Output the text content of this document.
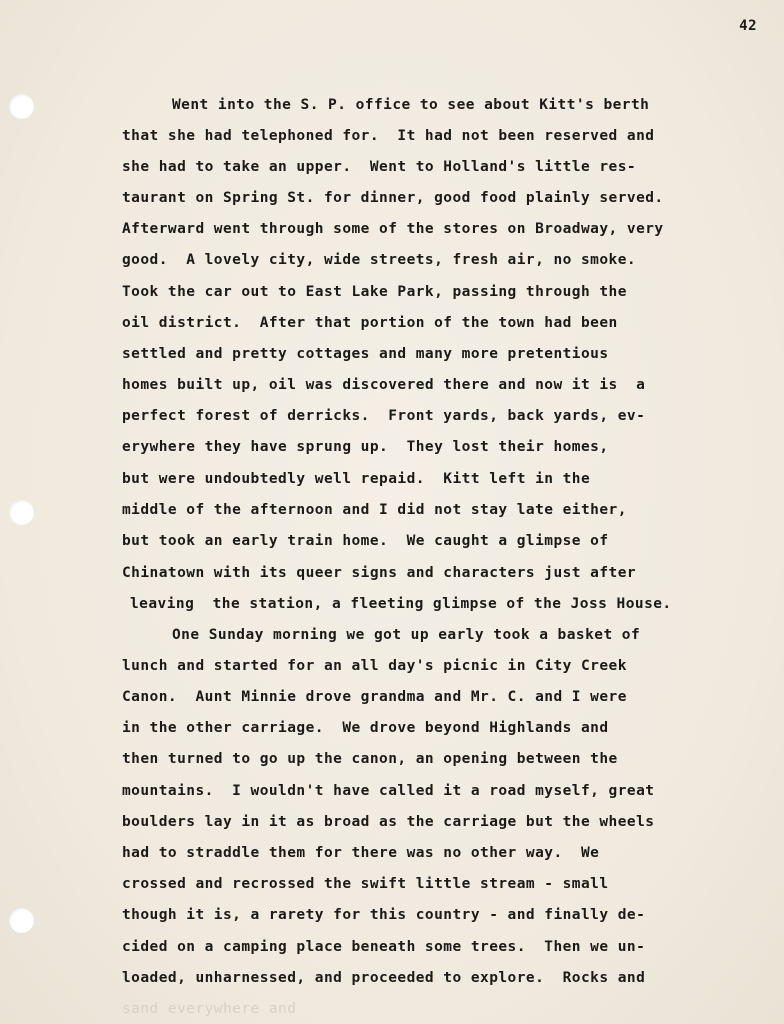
42
Went into the S. P. office to see about Kitt's berth
that she had telephoned for.  It had not been reserved and
she had to take an upper.  Went to Holland's little res-
taurant on Spring St. for dinner, good food plainly served.
Afterward went through some of the stores on Broadway, very
good.  A lovely city, wide streets, fresh air, no smoke.
Took the car out to East Lake Park, passing through the
oil district.  After that portion of the town had been
settled and pretty cottages and many more pretentious
homes built up, oil was discovered there and now it is  a
perfect forest of derricks.  Front yards, back yards, ev-
erywhere they have sprung up.  They lost their homes,
but were undoubtedly well repaid.  Kitt left in the
middle of the afternoon and I did not stay late either,
but took an early train home.  We caught a glimpse of
Chinatown with its queer signs and characters just after
leaving  the station, a fleeting glimpse of the Joss House.
One Sunday morning we got up early took a basket of
lunch and started for an all day's picnic in City Creek
Canon.  Aunt Minnie drove grandma and Mr. C. and I were
in the other carriage.  We drove beyond Highlands and
then turned to go up the canon, an opening between the
mountains.  I wouldn't have called it a road myself, great
boulders lay in it as broad as the carriage but the wheels
had to straddle them for there was no other way.  We
crossed and recrossed the swift little stream - small
though it is, a rarety for this country - and finally de-
cided on a camping place beneath some trees.  Then we un-
loaded, unharnessed, and proceeded to explore.  Rocks and
sand everywhere and
